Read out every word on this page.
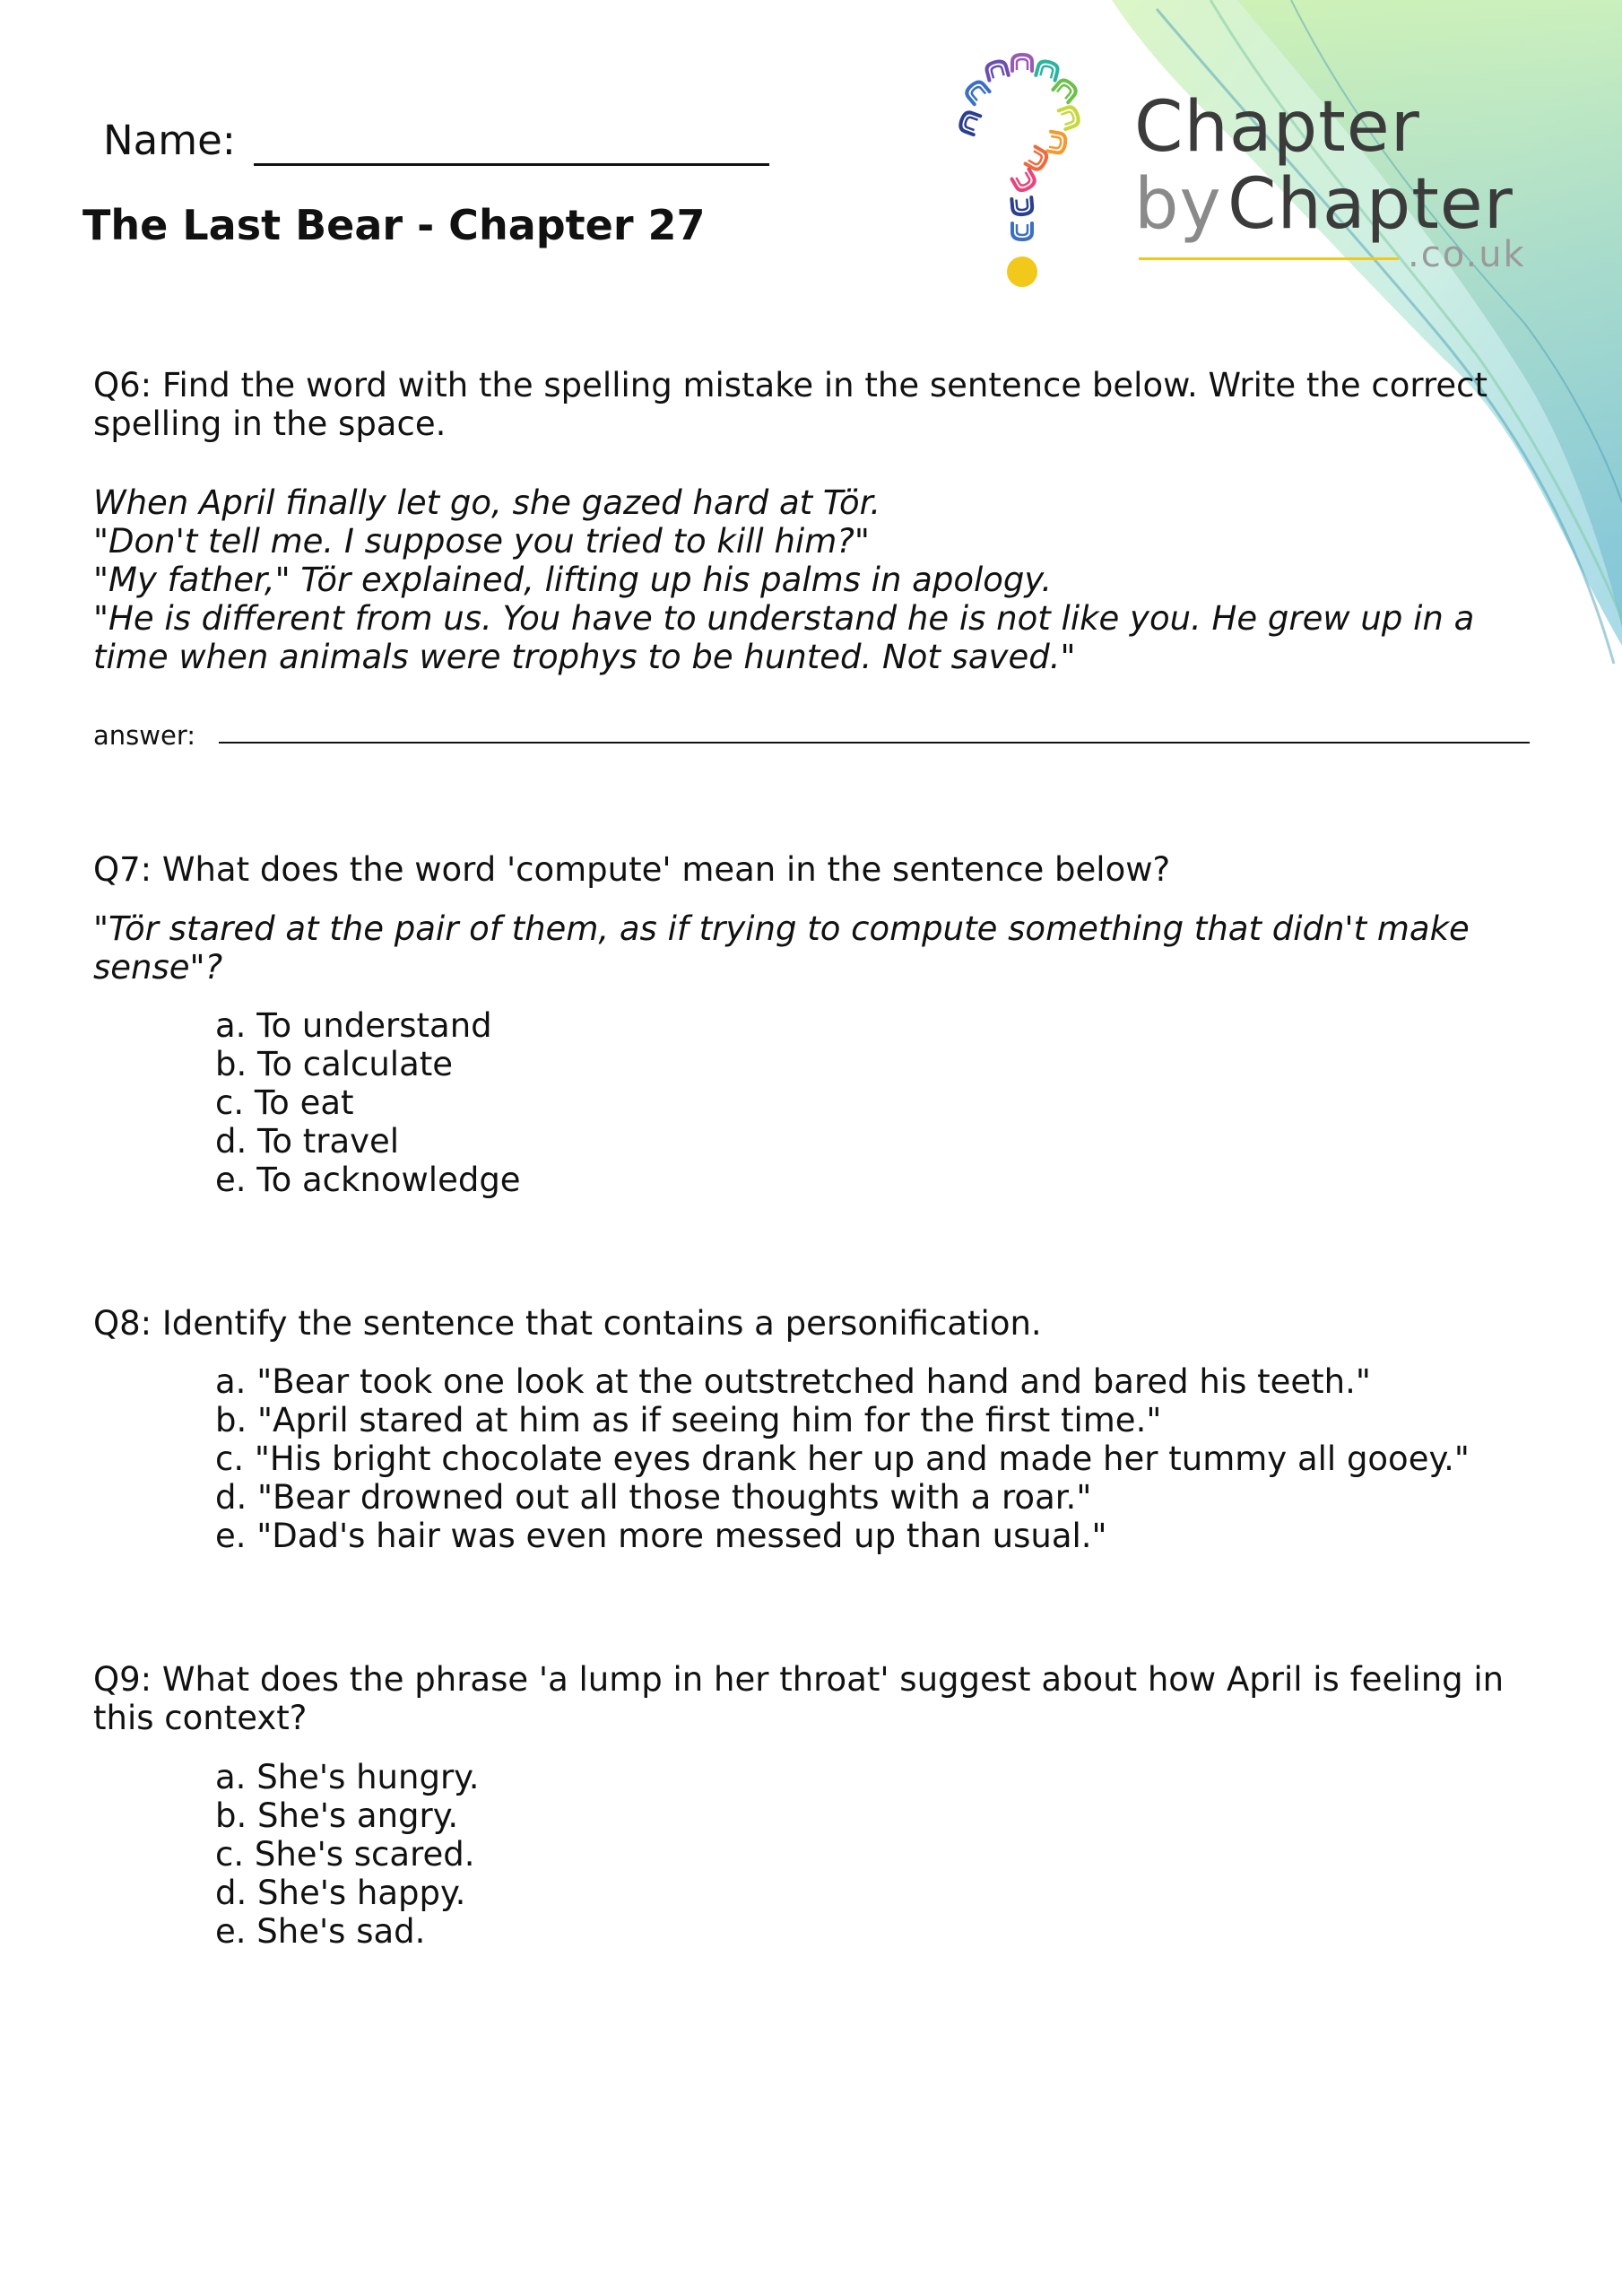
Chapter
by Chapter
.co.uk
Name:
The Last Bear - Chapter 27
Q6: Find the word with the spelling mistake in the sentence below. Write the correct spelling in the space.
When April finally let go, she gazed hard at Tör.
"Don't tell me. I suppose you tried to kill him?"
"My father," Tör explained, lifting up his palms in apology.
"He is different from us. You have to understand he is not like you. He grew up in a time when animals were trophys to be hunted. Not saved."
answer:
Q7: What does the word 'compute' mean in the sentence below?
"Tör stared at the pair of them, as if trying to compute something that didn't make sense"?
a. To understand
b. To calculate
c. To eat
d. To travel
e. To acknowledge
Q8: Identify the sentence that contains a personification.
a. "Bear took one look at the outstretched hand and bared his teeth."
b. "April stared at him as if seeing him for the first time."
c. "His bright chocolate eyes drank her up and made her tummy all gooey."
d. "Bear drowned out all those thoughts with a roar."
e. "Dad's hair was even more messed up than usual."
Q9: What does the phrase 'a lump in her throat' suggest about how April is feeling in this context?
a. She's hungry.
b. She's angry.
c. She's scared.
d. She's happy.
e. She's sad.
